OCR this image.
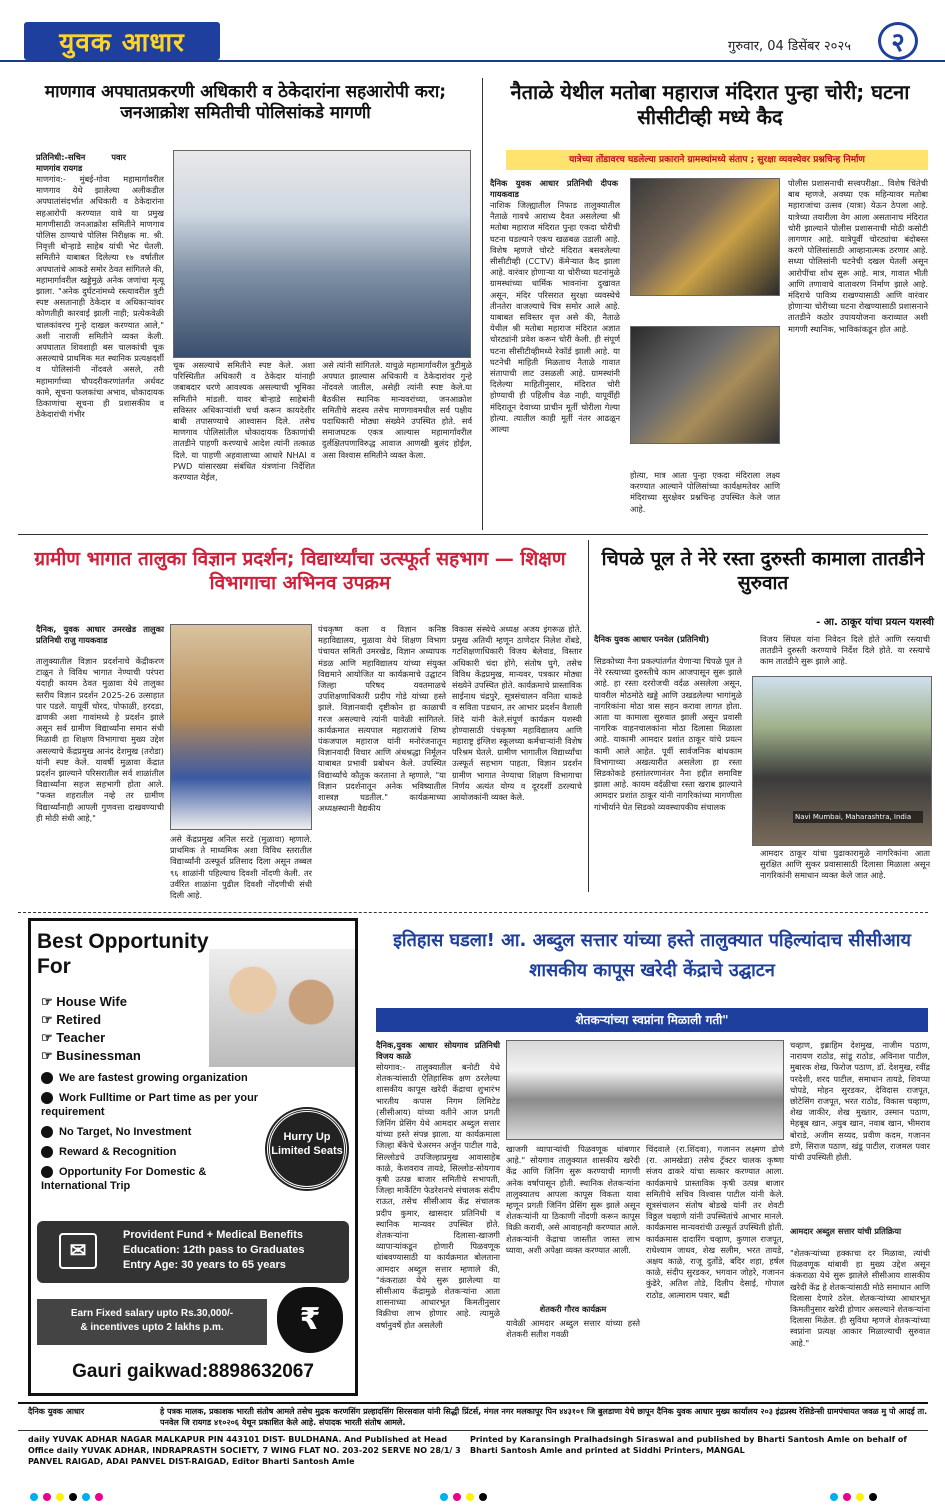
युवक आधार	गुरुवार, 04 डिसेंबर २०२५	२
माणगाव अपघातप्रकरणी अधिकारी व ठेकेदारांना सहआरोपी करा; जनआक्रोश समितीची पोलिसांकडे मागणी
प्रतिनिधी:-सचिन पवार माणगांव रायगड
माणगांव:- मुंबई-गोवा महामार्गावरील माणगाव येथे झालेल्या अलीकडील अपघातांसंदर्भात अधिकारी व ठेकेदारांना सहआरोपी करण्यात यावे या प्रमुख मागणीसाठी जनआक्रोश समितीने माणगाव पोलिस ठाण्याचे पोलिस निरीक्षक मा. श्री. निवृत्ती बोऱ्हाडे साहेब यांची भेट घेतली. समितीने याबाबत दिलेल्या १७ वर्षातील अपघातांचे आकडे समोर ठेवत सांगितले की, महामार्गावरील खड्डेमुळे अनेक जणांचा मृत्यू झाला. "अनेक दुर्घटनांमध्ये रस्त्यावरील त्रुटी स्पष्ट असतानाही ठेकेदार व अधिकाऱ्यांवर कोणतीही कारवाई झाली नाही; प्रत्येकवेळी चालकांवरच गुन्हे दाखल करण्यात आले," अशी नाराजी समितीने व्यक्त केली. अपघातात शिवशाही बस चालकांची चूक असल्याचे प्राथमिक मत स्थानिक प्रत्यक्षदर्शी व पोलिसांनी नोंदवले असले, तरी महामार्गाच्या चौपदरीकरणांतर्गत अर्धवट कामे, सूचना फलकांचा अभाव, धोकादायक ठिकाणांचा सूचना ही प्रशासकीय व ठेकेदारांची गंभीर
चूक असल्याचे समितीने स्पष्ट केले. अशा परिस्थितीत अधिकारी व ठेकेदार यांनाही जबाबदार धरणे आवश्यक असल्याची भूमिका समितीने मांडली. यावर बोऱ्हाडे साहेबांनी सविस्तर अधिकाऱ्यांशी चर्चा करून कायदेशीर बाबी तपासण्याचे आश्वासन दिले. तसेच माणगाव पोलिसांतील धोकादायक ठिकाणांची तातडीने पाहणी करण्याचे आदेश त्यांनी तत्काळ दिले. या पाहणी अहवालाच्या आधारे NHAI व PWD यांसारख्या संबंधित यंत्रणांना निर्देशित करण्यात येईल,
असे त्यांनी सांगितले. याचुळे महामार्गावरील त्रुटीमुळे अपघात झाल्यास अधिकारी व ठेकेदारांवर गुन्हे नोंदवले जातील, असेही त्यांनी स्पष्ट केले.या बैठकीस स्थानिक मान्यवरांच्या, जनआक्रोश समितीचे सदस्य तसेच माणगावमधील सर्व पक्षीय पदाधिकारी मोठ्या संख्येने उपस्थित होते. सर्व समाजघटक एकत्र आल्यास महामार्गावरील दुर्लक्षितपणाविरुद्ध आवाज आणखी बुलंद होईल, असा विश्वास समितीने व्यक्त केला.
नैताळे येथील मतोबा महाराज मंदिरात पुन्हा चोरी; घटना सीसीटीव्ही मध्ये कैद
यात्रेच्या तोंडावरच घडलेल्या प्रकाराने ग्रामस्थांमध्ये संताप ; सुरक्षा व्यवस्थेवर प्रश्नचिन्ह निर्माण
दैनिक युवक आधार प्रतिनिधी दीपक गायकवाड
नाशिक जिल्ह्यातील निफाड तालुक्यातील नैताळे गावचे आराध्य दैवत असलेल्या श्री मतोबा महाराज मंदिरात पुन्हा एकदा चोरीची घटना घडल्याने एकच खळबळ उडाली आहे. विशेष म्हणजे चोरटे मंदिरात बसवलेल्या सीसीटीव्ही (CCTV) कॅमेऱ्यात कैद झाला आहे. वारंवार होणाऱ्या या चोरीच्या घटनांमुळे ग्रामस्थांच्या धार्मिक भावनांना दुखावत असून, मंदिर परिसरात सुरक्षा व्यवस्थेचे तीनतेरा वाजल्याचे चित्र समोर आले आहे. याबाबत सविस्तर वृत्त असे की, नैताळे येथील श्री मतोबा महाराज मंदिरात अज्ञात चोरट्यांनी प्रवेश करून चोरी केली. ही संपूर्ण घटना सीसीटीव्हीमध्ये रेकॉर्ड झाली आहे. या घटनेची माहिती मिळताच नैताळे गावात संतापाची लाट उसळली आहे. ग्रामस्थांनी दिलेल्या माहितीनुसार, मंदिरात चोरी होण्याची ही पहिलीच वेळ नाही, यापूर्वीही मंदिरातून देवाच्या प्राचीन मूर्ती चोरीला गेल्या होत्या. त्यातील काही मूर्ती नंतर आढळून आल्या
होत्या, मात्र आता पुन्हा एकदा मंदिराला लक्ष्य करण्यात आल्याने पोलिसांच्या कार्यक्षमतेवर आणि मंदिराच्या सुरक्षेवर प्रश्नचिन्ह उपस्थित केले जात आहे.
पोलीस प्रशासनाची सत्त्वपरीक्षा.. विशेष चिंतेची बाब म्हणजे, अवघ्या एक महिन्यावर मतोबा महाराजांचा उत्सव (यात्रा) येऊन ठेपला आहे. यात्रेच्या तयारीला वेग आला असतानाच मंदिरात चोरी झाल्याने पोलीस प्रशासनाची मोठी कसोटी लागणार आहे. यात्रेपूर्वी चोरट्यांचा बंदोबस्त करणे पोलिसांसाठी आव्हानात्मक ठरणार आहे. सध्या पोलिसांनी घटनेची दखल घेतली असून आरोपींचा शोध सुरू आहे. मात्र, गावात भीती आणि तणावाचे वातावरण निर्माण झाले आहे. मंदिराचे पावित्र्य राखण्यासाठी आणि वारंवार होणाऱ्या चोरीच्या घटना रोखण्यासाठी प्रशासनाने तातडीने कठोर उपाययोजना कराव्यात अशी मागणी स्थानिक, भाविकांकडून होत आहे.
ग्रामीण भागात तालुका विज्ञान प्रदर्शन; विद्यार्थ्यांचा उत्स्फूर्त सहभाग — शिक्षण विभागाचा अभिनव उपक्रम
दैनिक, युवक आधार उमरखेड तालुका प्रतिनिधी राजु गायकवाड
तालुक्यातील विज्ञान प्रदर्शनाचे केंद्रीकरण टाळून ते विविध भागात नेण्याची परंपरा यंदाही कायम ठेवत मुळावा येथे तालुका स्तरीय विज्ञान प्रदर्शन 2025-26 उत्साहात पार पडले. यापूर्वी चोरद, पोफाळी, हरदडा, ढाणकी अशा गावांमध्ये हे प्रदर्शन झाले असून सर्व ग्रामीण विद्यार्थ्यांना समान संधी मिळावी हा शिक्षण विभागाचा मुख्य उद्देश असल्याचे केंद्रप्रमुख आनंद देशमुख (तरोडा) यांनी स्पष्ट केले. यावर्षी मुळावा केंद्रात प्रदर्शन झाल्याने परिसरातील सर्व शाळांतील विद्यार्थ्यांना सहज सहभागी होता आले. "फक्त शहरातील नव्हे तर ग्रामीण विद्यार्थ्यांनाही आपली गुणवत्ता दाखवण्याची ही मोठी संधी आहे,"
असे केंद्रप्रमुख अनिल सरडे (मुळावा) म्हणाले. प्राथमिक ते माध्यमिक अशा विविध स्तरातील विद्यार्थ्यांनी उत्स्फूर्त प्रतिसाद दिला असून तब्बल ९६ शाळांनी पहिल्याच दिवशी नोंदणी केली. तर उर्वरित शाळांना पुढील दिवशी नोंदणीची संधी दिली आहे.
पंचकृष्ण कला व विज्ञान कनिष्ठ महाविद्यालय, मुळावा येथे शिक्षण विभाग पंचायत समिती उमरखेड, विज्ञान अध्यापक मंडळ आणि महाविद्यालय यांच्या संयुक्त विद्यमाने आयोजित या कार्यक्रमाचे उद्घाटन जिल्हा परिषद यवतमाळचे उपशिक्षणाधिकारी प्रदीप गोडे यांच्या हस्ते झाले. विज्ञानवादी दृष्टीकोन हा काळाची गरज असल्याचे त्यांनी यावेळी सांगितले. कार्यक्रमात सत्यपाल महाराजांचे शिष्य पंकजपाल महाराज यांनी मनोरंजनातून विज्ञानवादी विचार आणि अंधश्रद्धा निर्मूलन याबाबत प्रभावी प्रबोधन केले. उपस्थित विद्यार्थ्यांचे कौतुक करताना ते म्हणाले, "या विज्ञान प्रदर्शनातून अनेक भविष्यातील शास्त्रज्ञ घडतील." कार्यक्रमाच्या अध्यक्षस्थानी वैद्यकीय
विकास संस्थेचे अध्यक्ष अजय इंगरूळ होते. प्रमुख अतिथी म्हणून ठाणेदार निलेश शेंबडे, गटशिक्षणाधिकारी विजय बेलेवाड, विस्तार अधिकारी चंदा होंगे, संतोष घुगे, तसेच विविध केंद्रप्रमुख, मान्यवर, पत्रकार मोठ्या संख्येने उपस्थित होते. कार्यक्रमाचे प्रास्ताविक साईनाथ चंद्रपुरे, सूत्रसंचालन वनिता धाकडे व सविता पडधान, तर आभार प्रदर्शन वैशाली शिंदे यांनी केले.संपूर्ण कार्यक्रम यशस्वी होण्यासाठी पंचकृष्ण महाविद्यालय आणि महाराष्ट्र इंग्लिश स्कूलच्या कर्मचाऱ्यांनी विशेष परिश्रम घेतले. ग्रामीण भागातील विद्यार्थ्यांचा उत्स्फूर्त सहभाग पाहता, विज्ञान प्रदर्शन ग्रामीण भागात नेण्याचा शिक्षण विभागाचा निर्णय अत्यंत योग्य व दूरदर्शी ठरल्याचे आयोजकांनी व्यक्त केले.
चिपळे पूल ते नेरे रस्ता दुरुस्ती कामाला तातडीने सुरुवात
- आ. ठाकूर यांचा प्रयत्न यशस्वी
दैनिक युवक आधार पनवेल (प्रतिनिधी)
सिडकोच्या नैना प्रकल्पांतर्गत येणाऱ्या चिपळे पूल ते नेरे रस्त्याच्या दुरुस्तीचे काम आजपासून सुरू झाले आहे. हा रस्ता दररोजची वर्दळ असलेला असून, यावरील मोठमोठे खड्डे आणि उखडलेल्या भागांमुळे नागरिकांना मोठा त्रास सहन करावा लागत होता. आता या कामाला सुरुवात झाली असून प्रवासी नागरिक वाहनचालकांना मोठा दिलासा मिळाला आहे. याकामी आमदार प्रशांत ठाकूर यांचे प्रयत्न कामी आले आहेत. पूर्वी सार्वजनिक बांधकाम विभागाच्या अखत्यारीत असलेला हा रस्ता सिडकोकडे हस्तांतरणानंतर नैना हद्दीत समाविष्ट झाला आहे. कायम वर्दळीचा रस्ता खराब झाल्याने आमदार प्रशांत ठाकूर यांनी नागरिकांच्या मागणीला गांभीर्याने घेत सिडको व्यवस्थापकीय संचालक
विजय सिंघल यांना निवेदन दिले होते आणि रस्त्याची तातडीने दुरुस्ती करण्याचे निर्देश दिले होते. या रस्त्याचे काम तातडीने सुरू झाले आहे.
Navi Mumbai, Maharashtra, India
आमदार ठाकूर यांचा पुढाकारामुळे नागरिकांना आता सुरक्षित आणि सुकर प्रवासासाठी दिलासा मिळाला असून नागरिकांनी समाधान व्यक्त केले जात आहे.
Best Opportunity For
☞ House Wife
☞ Retired
☞ Teacher
☞ Businessman
We are fastest growing organization
Work Fulltime or Part time as per your requirement
No Target, No Investment
Reward & Recognition
Opportunity For Domestic & International Trip
Hurry Up Limited Seats
✉
Provident Fund + Medical Benefits
Education: 12th pass to Graduates
Entry Age: 30 years to 65 years
Earn Fixed salary upto Rs.30,000/-
& incentives upto 2 lakhs p.m.	₹
Gauri gaikwad:8898632067
इतिहास घडला! आ. अब्दुल सत्तार यांच्या हस्ते तालुक्यात पहिल्यांदाच सीसीआय शासकीय कापूस खरेदी केंद्राचे उद्घाटन
शेतकऱ्यांच्या स्वप्नांना मिळाली गती"
दैनिक,युवक आधार सोयगाव प्रतिनिधी विजय काळे
सोयगाव:- तालुक्यातील बनोटी येथे शेतकऱ्यांसाठी ऐतिहासिक क्षण ठरलेल्या शासकीय कापूस खरेदी केंद्राचा शुभारंभ भारतीय कपास निगम लिमिटेड (सीसीआय) यांच्या वतीने आज प्रगती जिनिंग प्रेसिंग येथे आमदार अब्दुल सत्तार यांच्या हस्ते संपन्न झाला. या कार्यक्रमाला जिल्हा बँकेचे चेअरमन अर्जुन पाटील गाढे, सिल्लोडचे उपजिल्हाप्रमुख आवासाहेब काळे, केशवराव तायडे, सिल्लोड-सोयगाव कृषी उत्पन्न बाजार समितीचे सभापती, जिल्हा मार्केटिंग फेडरेशनचे संचालक संदीप राऊत, तसेच सीसीआय केंद्र संचालक प्रदीप कुमार, खासदार प्रतिनिधी व स्थानिक मान्यवर उपस्थित होते. शेतकऱ्यांना दिलासा-खाजगी व्यापाऱ्यांकडून होणारी पिळवणूक थांबवण्यासाठी या कार्यक्रमात बोलताना आमदार अब्दुल सत्तार म्हणाले की, "कंकराळा येथे सुरू झालेल्या या सीसीआय केंद्रामुळे शेतकऱ्यांना आता शासनाच्या आधारभूत किमतीनुसार विक्रीचा लाभ होणार आहे. त्यामुळे वर्षानुवर्षे होत असलेली
खाजगी व्यापाऱ्यांची पिळवणूक थांबणार आहे." सोयगाव तालुक्यात शासकीय खरेदी केंद्र आणि जिनिंग सुरू करण्याची मागणी अनेक वर्षापासून होती. स्थानिक शेतकऱ्यांना तालुक्यातच आपला कापूस विकता यावा म्हणून प्रगती जिनिंग प्रेसिंग सुरू झाले असून शेतकऱ्यांनी या ठिकाणी नोंदणी करून कापूस विक्री करावी, असे आवाहनही करण्यात आले. शेतकऱ्यांनी केंद्राचा जास्तीत जास्त लाभ घ्यावा, अशी अपेक्षा व्यक्त करण्यात आली.
शेतकरी गौरव कार्यक्रम
यावेळी आमदार अब्दुल सत्तार यांच्या हस्ते शेतकरी सतीश गवळी
चिंदवाले (रा.शिंदवा), गजानन लक्ष्मण डोणे (रा. आमखेडा) तसेच ट्रॅक्टर चालक कृष्णा संजय ढाकरे यांचा सत्कार करण्यात आला. कार्यक्रमाचे प्रास्ताविक कृषी उत्पन्न बाजार समितीचे सचिव विश्वास पाटील यांनी केले. सूत्रसंचालन संतोष बोडखे यांनी तर शेवटी विठ्ठल चव्हाणे यांनी उपस्थितांचे आभार मानले. कार्यक्रमास मान्यवरांची उत्स्फूर्त उपस्थिती होती. कार्यक्रमास दादारिंग चव्हाण, कुणाल राजपूत, राधेश्याम जाधव, शेख सलीम, भरत तायडे, अक्षय काळे, राजू दुतोंडे, बदिर शहा, हर्षल काळे, संदीप सुरडकर, भगवान जोहरे, गजानन कुंढेरे, अतिश तोडे, दिलीप देसाई, गोपाल राठोड, आत्माराम पवार, बद्री
चव्हाण, इब्राहिम देशमुख, नाजीम पठाण, नारायण राठोड, सांडू राठोड, अविनाश पाटील, मुबारक शेख, फिरोज पठाण, डॉ. देशमुख, रवींद्र परदेशी, शरद पाटील, समाधान तायडे, शिवप्पा चोपडे, मोहन सुरडकर, देविदास राजपूत, छोटेसिंग राजपूत, भरत राठोड, विकास चव्हाण, शेख जाकीर, शेख मुख्तार, उस्मान पठाण, मेहबूब खान, अयुब खान, नवाब खान, भीमराव बोराडे, अजीम सय्यद, प्रवीण कदम, गजानन डणे, सिराज पठाण, खंडू पाटील, राजमल पवार यांची उपस्थिती होती.
आमदार अब्दुल सत्तार यांची प्रतिक्रिया
"शेतकऱ्यांच्या हक्काचा दर मिळावा, त्यांची पिळवणूक थांबावी हा मुख्य उद्देश असून कंकराळा येथे सुरू झालेले सीसीआय शासकीय खरेदी केंद्र हे शेतकऱ्यांसाठी मोठे समाधान आणि दिलासा देणारे ठरेल. शेतकऱ्यांच्या आधारभूत किमतीनुसार खरेदी होणार असल्याने शेतकऱ्यांना दिलासा मिळेल. ही सुविधा म्हणजे शेतकऱ्यांच्या स्वप्नांना प्रत्यक्ष आकार मिळाल्याची सुरुवात आहे."
दैनिक युवक आधार	हे पत्रक मालक, प्रकाशक भारती संतोष आमले तसेच मुद्रक करणसिंग प्रल्हादसिंग सिरसवाल यांनी सिद्धी प्रिंटर्स, मंगल नगर मलकापूर पिन ४४३१०१ जि बुलडाणा येथे छापून दैनिक युवक आधार मुख्य कार्यालय २०३ इंद्रप्रस्थ रेसिडेन्सी ग्रामपंचायत जवळ मु पो आदई ता. पनवेल जि रायगड ४१०२०६ येथून प्रकाशित केले आहे. संपादक भारती संतोष आमले.
Printed by Karansingh Pralhadsingh Siraswal and published by Bharti Santosh Amle on behalf of Bharti Santosh Amle and printed at Siddhi Printers, MANGAL
daily YUVAK ADHAR NAGAR MALKAPUR PIN 443101 DIST- BULDHANA. And Published at Head Office daily YUVAK ADHAR, INDRAPRASTH SOCIETY, 7 WING FLAT NO. 203-202 SERVE NO 28/1/ 3 PANVEL RAIGAD, ADAI PANVEL DIST-RAIGAD, Editor Bharti Santosh Amle
